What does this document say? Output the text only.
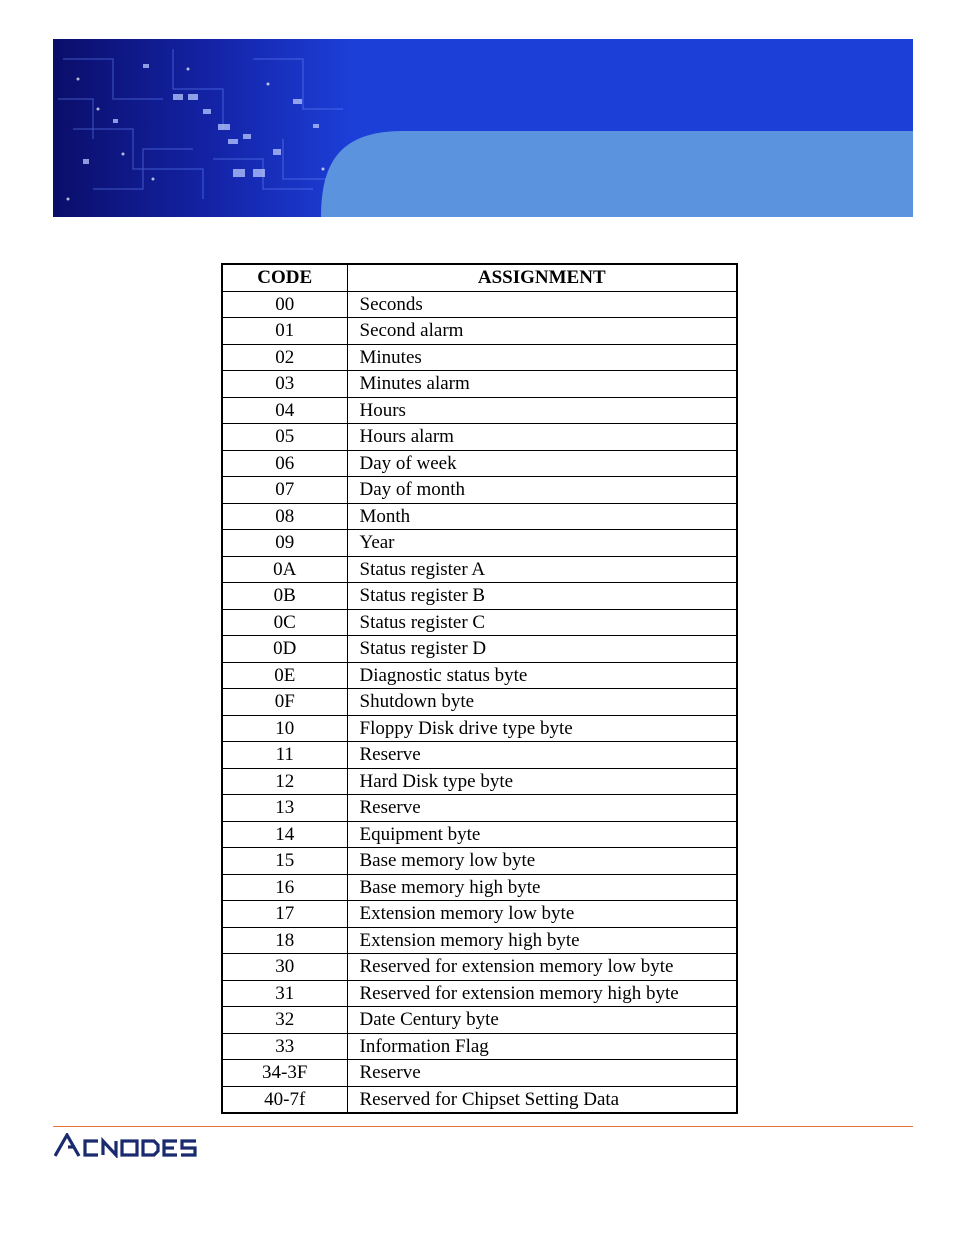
CODE	ASSIGNMENT
00	Seconds
01	Second alarm
02	Minutes
03	Minutes alarm
04	Hours
05	Hours alarm
06	Day of week
07	Day of month
08	Month
09	Year
0A	Status register A
0B	Status register B
0C	Status register C
0D	Status register D
0E	Diagnostic status byte
0F	Shutdown byte
10	Floppy Disk drive type byte
11	Reserve
12	Hard Disk type byte
13	Reserve
14	Equipment byte
15	Base memory low byte
16	Base memory high byte
17	Extension memory low byte
18	Extension memory high byte
30	Reserved for extension memory low byte
31	Reserved for extension memory high byte
32	Date Century byte
33	Information Flag
34-3F	Reserve
40-7f	Reserved for Chipset Setting Data
